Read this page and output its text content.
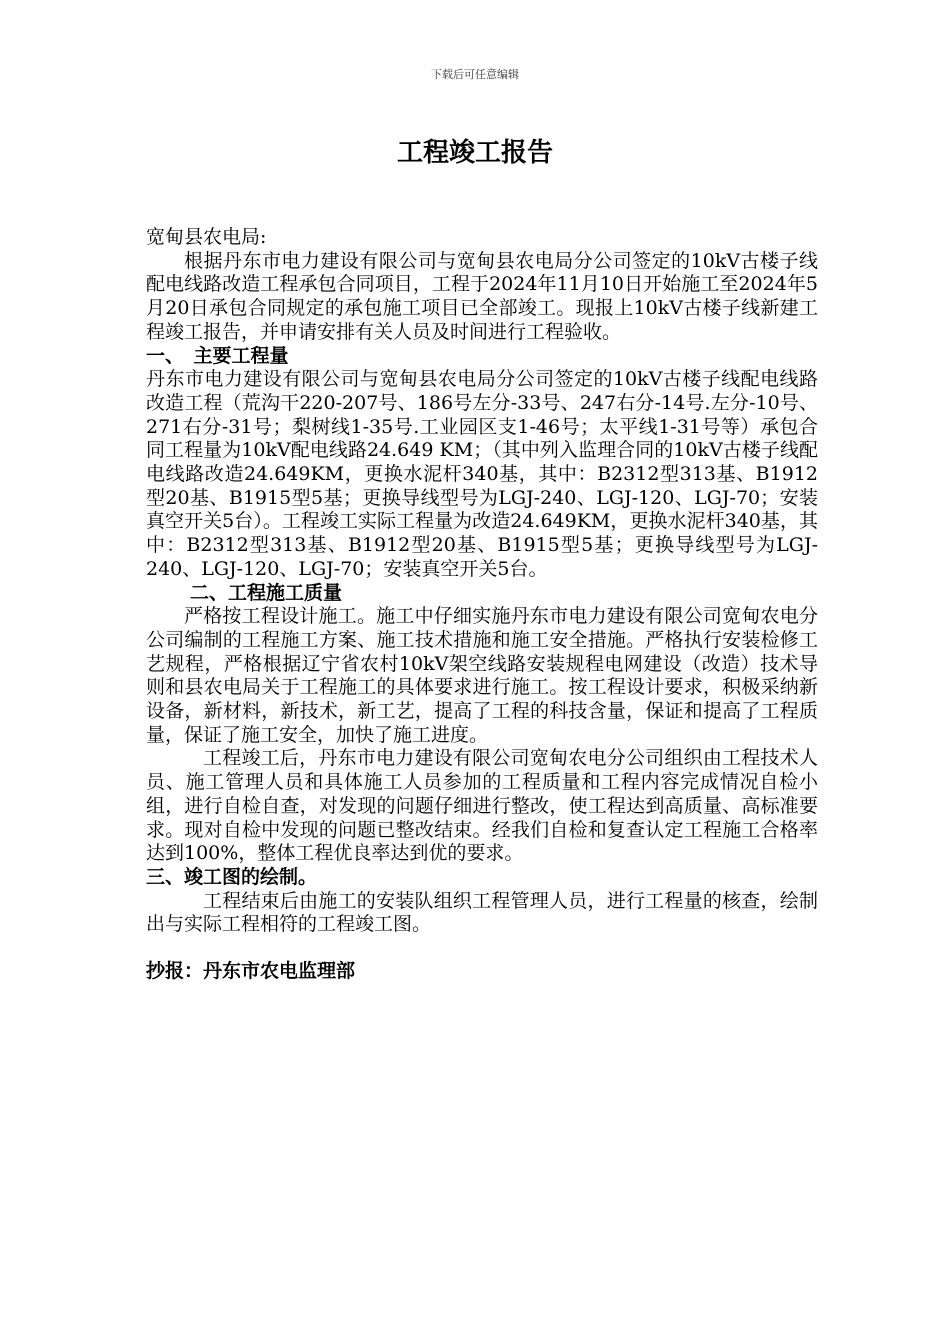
下载后可任意编辑
工程竣工报告

宽甸县农电局:

根据丹东市电力建设有限公司与宽甸县农电局分公司签定的10kV古楼子线配电线路改造工程承包合同项目，工程于2024年11月10日开始施工至2024年5月20日承包合同规定的承包施工项目已全部竣工。现报上10kV古楼子线新建工程竣工报告，并申请安排有关人员及时间进行工程验收。

一、　主要工程量

丹东市电力建设有限公司与宽甸县农电局分公司签定的10kV古楼子线配电线路改造工程（荒沟干220-207号、186号左分-33号、247右分-14号.左分-10号、271右分-31号；梨树线1-35号.工业园区支1-46号；太平线1-31号等）承包合同工程量为10kV配电线路24.649 KM；（其中列入监理合同的10kV古楼子线配电线路改造24.649KM，更换水泥杆340基，其中：B2312型313基、B1912型20基、B1915型5基；更换导线型号为LGJ-240、LGJ-120、LGJ-70；安装真空开关5台）。工程竣工实际工程量为改造24.649KM，更换水泥杆340基，其中：B2312型313基、B1912型20基、B1915型5基；更换导线型号为LGJ-240、LGJ-120、LGJ-70；安装真空开关5台。

二、工程施工质量

严格按工程设计施工。施工中仔细实施丹东市电力建设有限公司宽甸农电分公司编制的工程施工方案、施工技术措施和施工安全措施。严格执行安装检修工艺规程，严格根据辽宁省农村10kV架空线路安装规程电网建设（改造）技术导则和县农电局关于工程施工的具体要求进行施工。按工程设计要求，积极采纳新设备，新材料，新技术，新工艺，提高了工程的科技含量，保证和提高了工程质量，保证了施工安全，加快了施工进度。

工程竣工后，丹东市电力建设有限公司宽甸农电分公司组织由工程技术人员、施工管理人员和具体施工人员参加的工程质量和工程内容完成情况自检小组，进行自检自查，对发现的问题仔细进行整改，使工程达到高质量、高标准要求。现对自检中发现的问题已整改结束。经我们自检和复查认定工程施工合格率达到100%，整体工程优良率达到优的要求。

三、竣工图的绘制。

工程结束后由施工的安装队组织工程管理人员，进行工程量的核查，绘制出与实际工程相符的工程竣工图。

抄报：丹东市农电监理部
